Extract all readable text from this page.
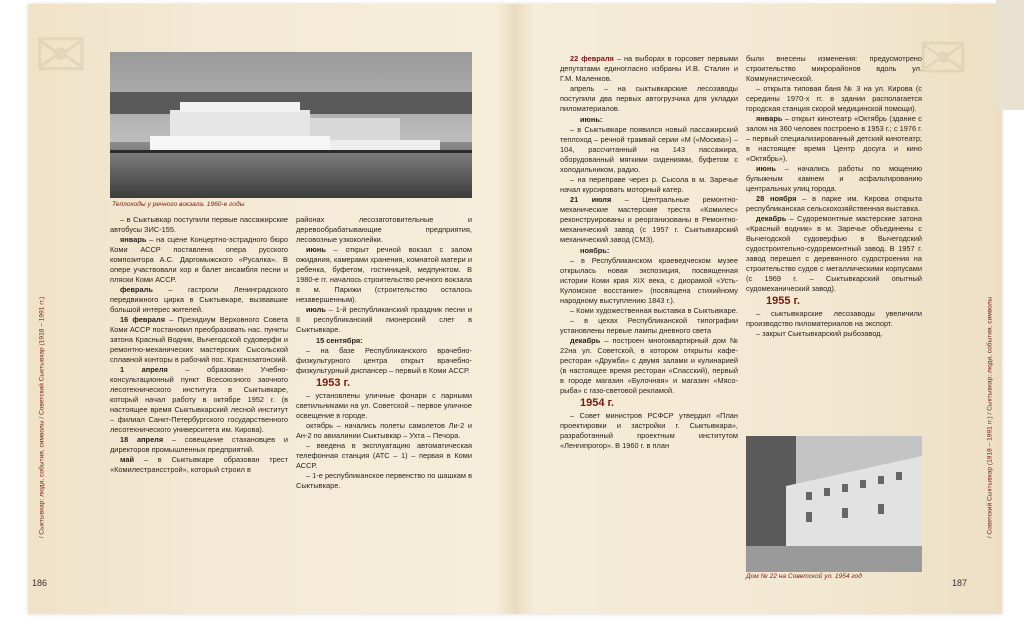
✉	✉
Теплоходы у речного вокзала. 1960-е годы

– в Сыктывкар поступили первые пассажирские автобусы ЗИС-155.

январь – на сцене Концертно-эстрадного бюро Коми АССР поставлена опера русского композитора А.С. Даргомыжского «Русалка». В опере участвовали хор и балет ансамбля песни и пляски Коми АССР.

февраль – гастроли Ленинградского передвижного цирка в Сыктывкаре, вызвавшие большой интерес жителей.

16 февраля – Президиум Верховного Совета Коми АССР постановил преобразовать нас. пункты затона Красный Водник, Вычегодской судоверфи и ремонтно-механических мастерских Сысольской сплавной конторы в рабочий пос. Краснозатонский.

1 апреля – образован Учебно-консультационный пункт Всесоюзного заочного лесотехнического института в Сыктывкаре, который начал работу в октябре 1952 г. (в настоящее время Сыктывкарский лесной институт – филиал Санкт-Петербургского государственного лесотехнического университета им. Кирова).

18 апреля – совещание стахановцев и директоров промышленных предприятий.

май – в Сыктывкаре образован трест «Комилестрансстрой», который строил в

районах лесозаготовительные и деревообрабатывающие предприятия, лесовозные узкоколейки.

июнь – открыт речной вокзал с залом ожидания, камерами хранения, комнатой матери и ребенка, буфетом, гостиницей, медпунктом. В 1980-е гг. началось строительство речного вокзала в м. Парижи (строительство осталось незавершенным).

июль – 1-й республиканский праздник песни и II республиканский пионерский слет в Сыктывкаре.

15 сентября:

– на базе Республиканского врачебно-физкультурного центра открыт врачебно-физкультурный диспансер – первый в Коми АССР.

1953 г.

– установлены уличные фонари с парными светильниками на ул. Советской – первое уличное освещение в городе.

октябрь – начались полеты самолетов Ли-2 и Ан-2 по авиалинии Сыктывкар – Ухта – Печора.

– введена в эксплуатацию автоматическая телефонная станция (АТС – 1) – первая в Коми АССР.

– 1-е республиканское первенство по шашкам в Сыктывкаре.

/ Сыктывкар: люди, события, символы / Советский Сыктывкар (1918 – 1991 гг.)
186

22 февраля – на выборах в горсовет первыми депутатами единогласно избраны И.В. Сталин и Г.М. Маленков.

апрель – на сыктывкарские лесозаводы поступили два первых автогрузчика для укладки пиломатериалов.

июнь:

– в Сыктывкаре появился новый пассажирский теплоход – речной трамвай серии «М («Москва») –104, рассчитанный на 143 пассажира, оборудованный мягкими сидениями, буфетом с холодильником, радио.

– на переправе через р. Сысола в м. Заречье начал курсировать моторный катер.

21 июля – Центральные ремонтно-механические мастерские треста «Комилес» реконструированы и реорганизованы в Ремонтно-механический завод (с 1957 г. Сыктывкарский механический завод (СМЗ).

ноябрь:

– в Республиканском краеведческом музее открылась новая экспозиция, посвященная истории Коми края XIX века, с диорамой «Усть-Куломское восстание» (посвящена стихийному народному выступлению 1843 г.).

– Коми художественная выставка в Сыктывкаре.

– в цехах Республиканской типографии установлены первые лампы дневного света

декабрь – построен многоквартирный дом № 22на ул. Советской, в котором открыты кафе-ресторан «Дружба» с двумя залами и кулинарией (в настоящее время ресторан «Спасский), первый в городе магазин «Булочная» и магазин «Мясо-рыба» с газо-световой рекламой.

1954 г.

– Совет министров РСФСР утвердил «План проектировки и застройки г. Сыктывкара», разработанный проектным институтом «Ленгипрогор». В 1960 г. в план

были внесены изменения: предусмотрено строительство микрорайонов вдоль ул. Коммунистической.

– открыта типовая баня № 3 на ул. Кирова (с середины 1970-х гг. в здании располагается городская станция скорой медицинской помощи).

январь – открыт кинотеатр «Октябрь (здание с залом на 360 человек построено в 1953 г.; с 1976 г. – первый специализированный детский кинотеатр; в настоящее время Центр досуга и кино «Октябрь»).

июнь – начались работы по мощению булыжным камнем и асфальтированию центральных улиц города.

28 ноября – в парке им. Кирова открыта республиканская сельскохозяйственная выставка.

декабрь – Судоремонтные мастерские затона «Красный водник» в м. Заречье объединены с Вычегодской судоверфью в Вычегодский судостроительно-судоремонтный завод. В 1957 г. завод перешел с деревянного судостроения на строительство судов с металлическими корпусами (с 1969 г. – Сыктывкарский опытный судомеханический завод).

1955 г.

– сыктывкарские лесозаводы увеличили производство пиломатериалов на экспорт.

– закрыт Сыктывкарский рыбозавод.

Дом № 22 на Советской ул. 1954 год
/ Советский Сыктывкар (1918 – 1991 гг.) / Сыктывкар: люди, события, символы
187
